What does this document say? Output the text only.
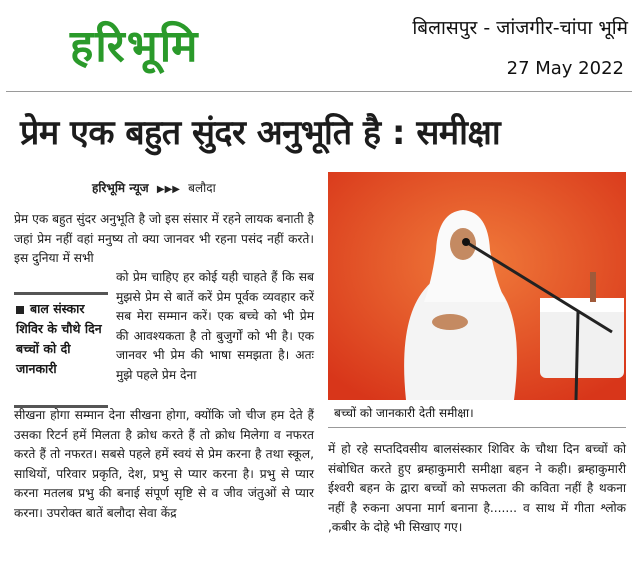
हरिभूमि	बिलासपुर - जांजगीर-चांपा भूमि
27 May 2022
प्रेम एक बहुत सुंदर अनुभूति है : समीक्षा
हरिभूमि न्यूज ▶▶▶ बलौदा
प्रेम एक बहुत सुंदर अनुभूति है जो इस संसार में रहने लायक बनाती है जहां प्रेम नहीं वहां मनुष्य तो क्या जानवर भी रहना पसंद नहीं करते। इस दुनिया में सभी
बाल संस्कार शिविर के चौथे दिन बच्चों को दी जानकारी
को प्रेम चाहिए हर कोई यही चाहते हैं कि सब मुझसे प्रेम से बातें करें प्रेम पूर्वक व्यवहार करें सब मेरा सम्मान करें। एक बच्चे को भी प्रेम की आवश्यकता है तो बुजुर्गों को भी है। एक जानवर भी प्रेम की भाषा समझता है। अतः मुझे पहले प्रेम देना
सीखना होगा सम्मान देना सीखना होगा, क्योंकि जो चीज हम देते हैं उसका रिटर्न हमें मिलता है क्रोध करते हैं तो क्रोध मिलेगा व नफरत करते हैं तो नफरत। सबसे पहले हमें स्वयं से प्रेम करना है तथा स्कूल, साथियों, परिवार प्रकृति, देश, प्रभु से प्यार करना है। प्रभु से प्यार करना मतलब प्रभु की बनाई संपूर्ण सृष्टि से व जीव जंतुओं से प्यार करना। उपरोक्त बातें बलौदा सेवा केंद्र
बच्चों को जानकारी देती समीक्षा।
में हो रहे सप्तदिवसीय बालसंस्कार शिविर के चौथा दिन बच्चों को संबोधित करते हुए ब्रम्हाकुमारी समीक्षा बहन ने कही। ब्रम्हाकुमारी ईश्वरी बहन के द्वारा बच्चों को सफलता की कविता नहीं है थकना नहीं है रुकना अपना मार्ग बनाना है....... व साथ में गीता श्लोक ,कबीर के दोहे भी सिखाए गए।
